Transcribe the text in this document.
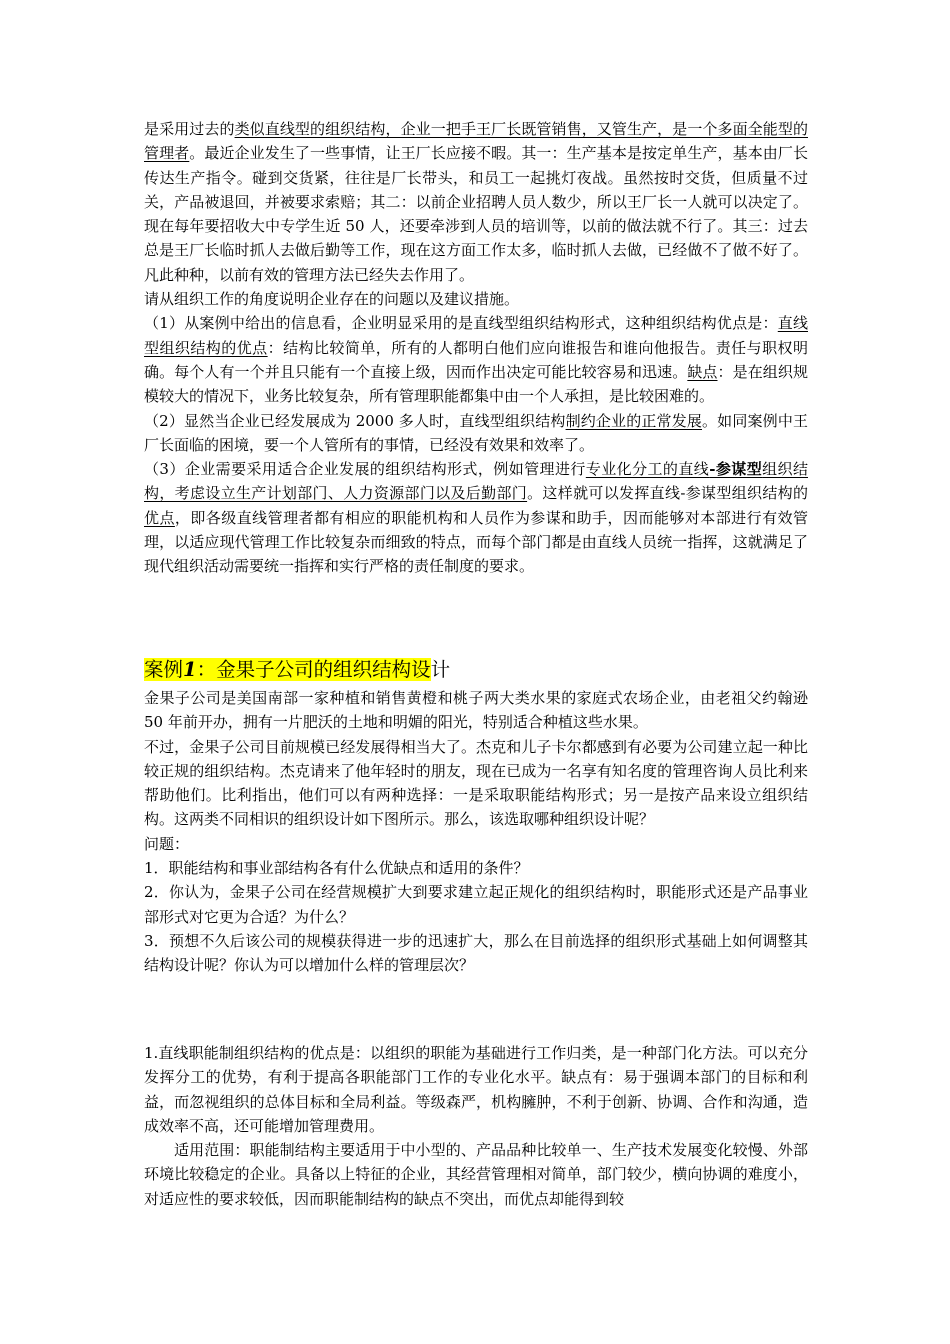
是采用过去的类似直线型的组织结构，企业一把手王厂长既管销售，又管生产，是一个多面全能型的管理者。最近企业发生了一些事情，让王厂长应接不暇。其一：生产基本是按定单生产，基本由厂长传达生产指令。碰到交货紧，往往是厂长带头，和员工一起挑灯夜战。虽然按时交货，但质量不过关，产品被退回，并被要求索赔；其二：以前企业招聘人员人数少，所以王厂长一人就可以决定了。现在每年要招收大中专学生近 50 人，还要牵涉到人员的培训等，以前的做法就不行了。其三：过去总是王厂长临时抓人去做后勤等工作，现在这方面工作太多，临时抓人去做，已经做不了做不好了。凡此种种，以前有效的管理方法已经失去作用了。

请从组织工作的角度说明企业存在的问题以及建议措施。

（1）从案例中给出的信息看，企业明显采用的是直线型组织结构形式，这种组织结构优点是：直线型组织结构的优点：结构比较简单，所有的人都明白他们应向谁报告和谁向他报告。责任与职权明确。每个人有一个并且只能有一个直接上级，因而作出决定可能比较容易和迅速。缺点：是在组织规模较大的情况下，业务比较复杂，所有管理职能都集中由一个人承担，是比较困难的。

（2）显然当企业已经发展成为 2000 多人时，直线型组织结构制约企业的正常发展。如同案例中王厂长面临的困境，要一个人管所有的事情，已经没有效果和效率了。

（3）企业需要采用适合企业发展的组织结构形式，例如管理进行专业化分工的直线-参谋型组织结构，考虑设立生产计划部门、人力资源部门以及后勤部门。这样就可以发挥直线-参谋型组织结构的优点，即各级直线管理者都有相应的职能机构和人员作为参谋和助手，因而能够对本部进行有效管理，以适应现代管理工作比较复杂而细致的特点，而每个部门都是由直线人员统一指挥，这就满足了现代组织活动需要统一指挥和实行严格的责任制度的要求。

案例1：金果子公司的组织结构设计

金果子公司是美国南部一家种植和销售黄橙和桃子两大类水果的家庭式农场企业，由老祖父约翰逊 50 年前开办，拥有一片肥沃的土地和明媚的阳光，特别适合种植这些水果。

不过，金果子公司目前规模已经发展得相当大了。杰克和儿子卡尔都感到有必要为公司建立起一种比较正规的组织结构。杰克请来了他年轻时的朋友，现在已成为一名享有知名度的管理咨询人员比利来帮助他们。比利指出，他们可以有两种选择：一是采取职能结构形式；另一是按产品来设立组织结构。这两类不同相识的组织设计如下图所示。那么，该选取哪种组织设计呢？

问题：

1．职能结构和事业部结构各有什么优缺点和适用的条件？

2．你认为，金果子公司在经营规模扩大到要求建立起正规化的组织结构时，职能形式还是产品事业部形式对它更为合适？为什么？

3．预想不久后该公司的规模获得进一步的迅速扩大，那么在目前选择的组织形式基础上如何调整其结构设计呢？你认为可以增加什么样的管理层次？

1.直线职能制组织结构的优点是：以组织的职能为基础进行工作归类，是一种部门化方法。可以充分发挥分工的优势，有利于提高各职能部门工作的专业化水平。缺点有：易于强调本部门的目标和利益，而忽视组织的总体目标和全局利益。等级森严，机构臃肿，不利于创新、协调、合作和沟通，造成效率不高，还可能增加管理费用。

适用范围：职能制结构主要适用于中小型的、产品品种比较单一、生产技术发展变化较慢、外部环境比较稳定的企业。具备以上特征的企业，其经营管理相对简单，部门较少，横向协调的难度小，对适应性的要求较低，因而职能制结构的缺点不突出，而优点却能得到较
